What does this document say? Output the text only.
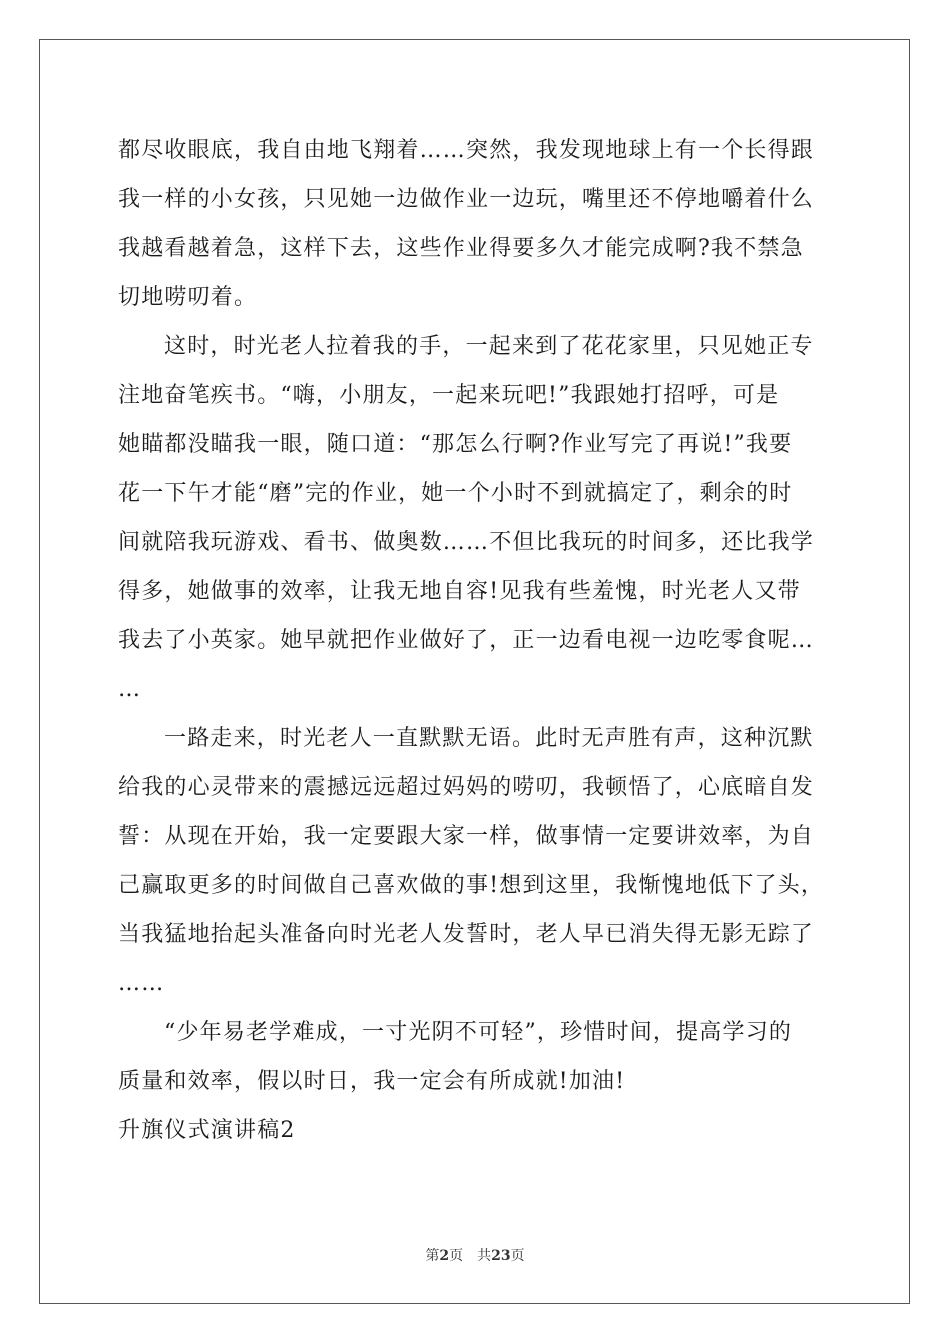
都尽收眼底，我自由地飞翔着……突然，我发现地球上有一个长得跟
我一样的小女孩，只见她一边做作业一边玩，嘴里还不停地嚼着什么
我越看越着急，这样下去，这些作业得要多久才能完成啊?我不禁急
切地唠叨着。
这时，时光老人拉着我的手，一起来到了花花家里，只见她正专
注地奋笔疾书。“嗨，小朋友，一起来玩吧!”我跟她打招呼，可是
她瞄都没瞄我一眼，随口道：“那怎么行啊?作业写完了再说!”我要
花一下午才能“磨”完的作业，她一个小时不到就搞定了，剩余的时
间就陪我玩游戏、看书、做奥数……不但比我玩的时间多，还比我学
得多，她做事的效率，让我无地自容!见我有些羞愧，时光老人又带
我去了小英家。她早就把作业做好了，正一边看电视一边吃零食呢…
…
一路走来，时光老人一直默默无语。此时无声胜有声，这种沉默
给我的心灵带来的震撼远远超过妈妈的唠叨，我顿悟了，心底暗自发
誓：从现在开始，我一定要跟大家一样，做事情一定要讲效率，为自
己赢取更多的时间做自己喜欢做的事!想到这里，我惭愧地低下了头，
当我猛地抬起头准备向时光老人发誓时，老人早已消失得无影无踪了
……
“少年易老学难成，一寸光阴不可轻”，珍惜时间，提高学习的
质量和效率，假以时日，我一定会有所成就!加油!
升旗仪式演讲稿2
第2页 共23页
